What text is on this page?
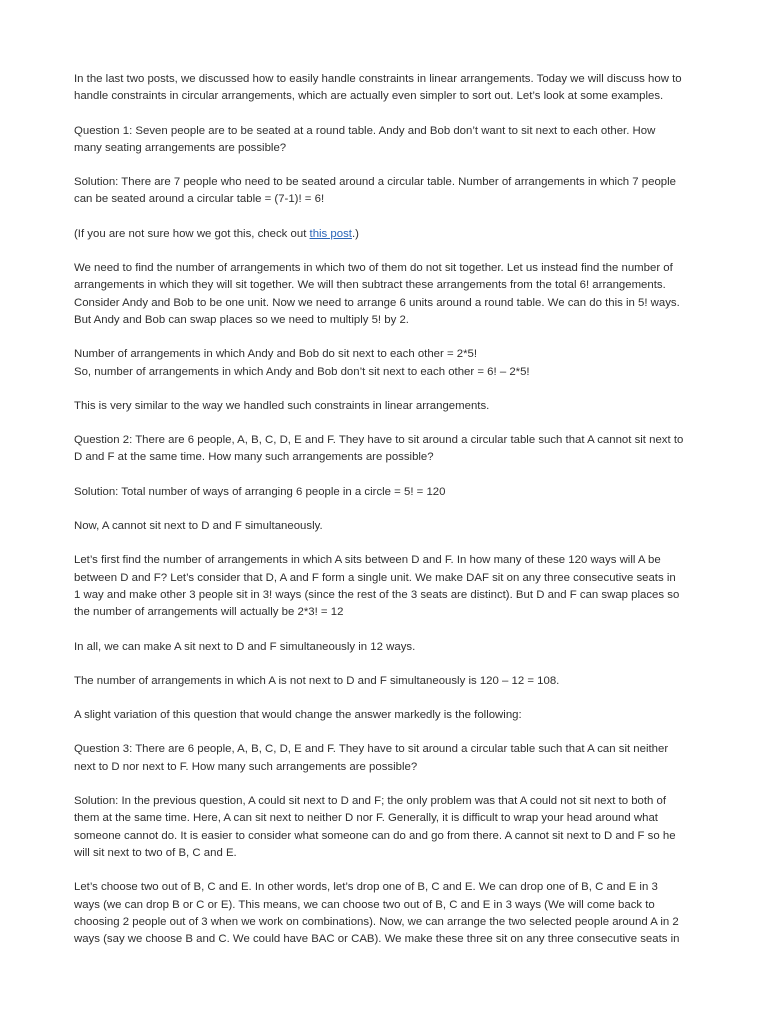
In the last two posts, we discussed how to easily handle constraints in linear arrangements. Today we will discuss how to
handle constraints in circular arrangements, which are actually even simpler to sort out. Let’s look at some examples.

Question 1: Seven people are to be seated at a round table. Andy and Bob don’t want to sit next to each other. How
many seating arrangements are possible?

Solution: There are 7 people who need to be seated around a circular table. Number of arrangements in which 7 people
can be seated around a circular table = (7-1)! = 6!

(If you are not sure how we got this, check out this post.)

We need to find the number of arrangements in which two of them do not sit together. Let us instead find the number of
arrangements in which they will sit together. We will then subtract these arrangements from the total 6! arrangements.
Consider Andy and Bob to be one unit. Now we need to arrange 6 units around a round table. We can do this in 5! ways.
But Andy and Bob can swap places so we need to multiply 5! by 2.

Number of arrangements in which Andy and Bob do sit next to each other = 2*5!
So, number of arrangements in which Andy and Bob don’t sit next to each other = 6! – 2*5!

This is very similar to the way we handled such constraints in linear arrangements.

Question 2: There are 6 people, A, B, C, D, E and F. They have to sit around a circular table such that A cannot sit next to
D and F at the same time. How many such arrangements are possible?

Solution: Total number of ways of arranging 6 people in a circle = 5! = 120

Now, A cannot sit next to D and F simultaneously.

Let’s first find the number of arrangements in which A sits between D and F. In how many of these 120 ways will A be
between D and F? Let’s consider that D, A and F form a single unit. We make DAF sit on any three consecutive seats in
1 way and make other 3 people sit in 3! ways (since the rest of the 3 seats are distinct). But D and F can swap places so
the number of arrangements will actually be 2*3! = 12

In all, we can make A sit next to D and F simultaneously in 12 ways.

The number of arrangements in which A is not next to D and F simultaneously is 120 – 12 = 108.

A slight variation of this question that would change the answer markedly is the following:

Question 3: There are 6 people, A, B, C, D, E and F. They have to sit around a circular table such that A can sit neither
next to D nor next to F. How many such arrangements are possible?

Solution: In the previous question, A could sit next to D and F; the only problem was that A could not sit next to both of
them at the same time. Here, A can sit next to neither D nor F. Generally, it is difficult to wrap your head around what
someone cannot do. It is easier to consider what someone can do and go from there. A cannot sit next to D and F so he
will sit next to two of B, C and E.

Let’s choose two out of B, C and E. In other words, let’s drop one of B, C and E. We can drop one of B, C and E in 3
ways (we can drop B or C or E). This means, we can choose two out of B, C and E in 3 ways (We will come back to
choosing 2 people out of 3 when we work on combinations). Now, we can arrange the two selected people around A in 2
ways (say we choose B and C. We could have BAC or CAB). We make these three sit on any three consecutive seats in
